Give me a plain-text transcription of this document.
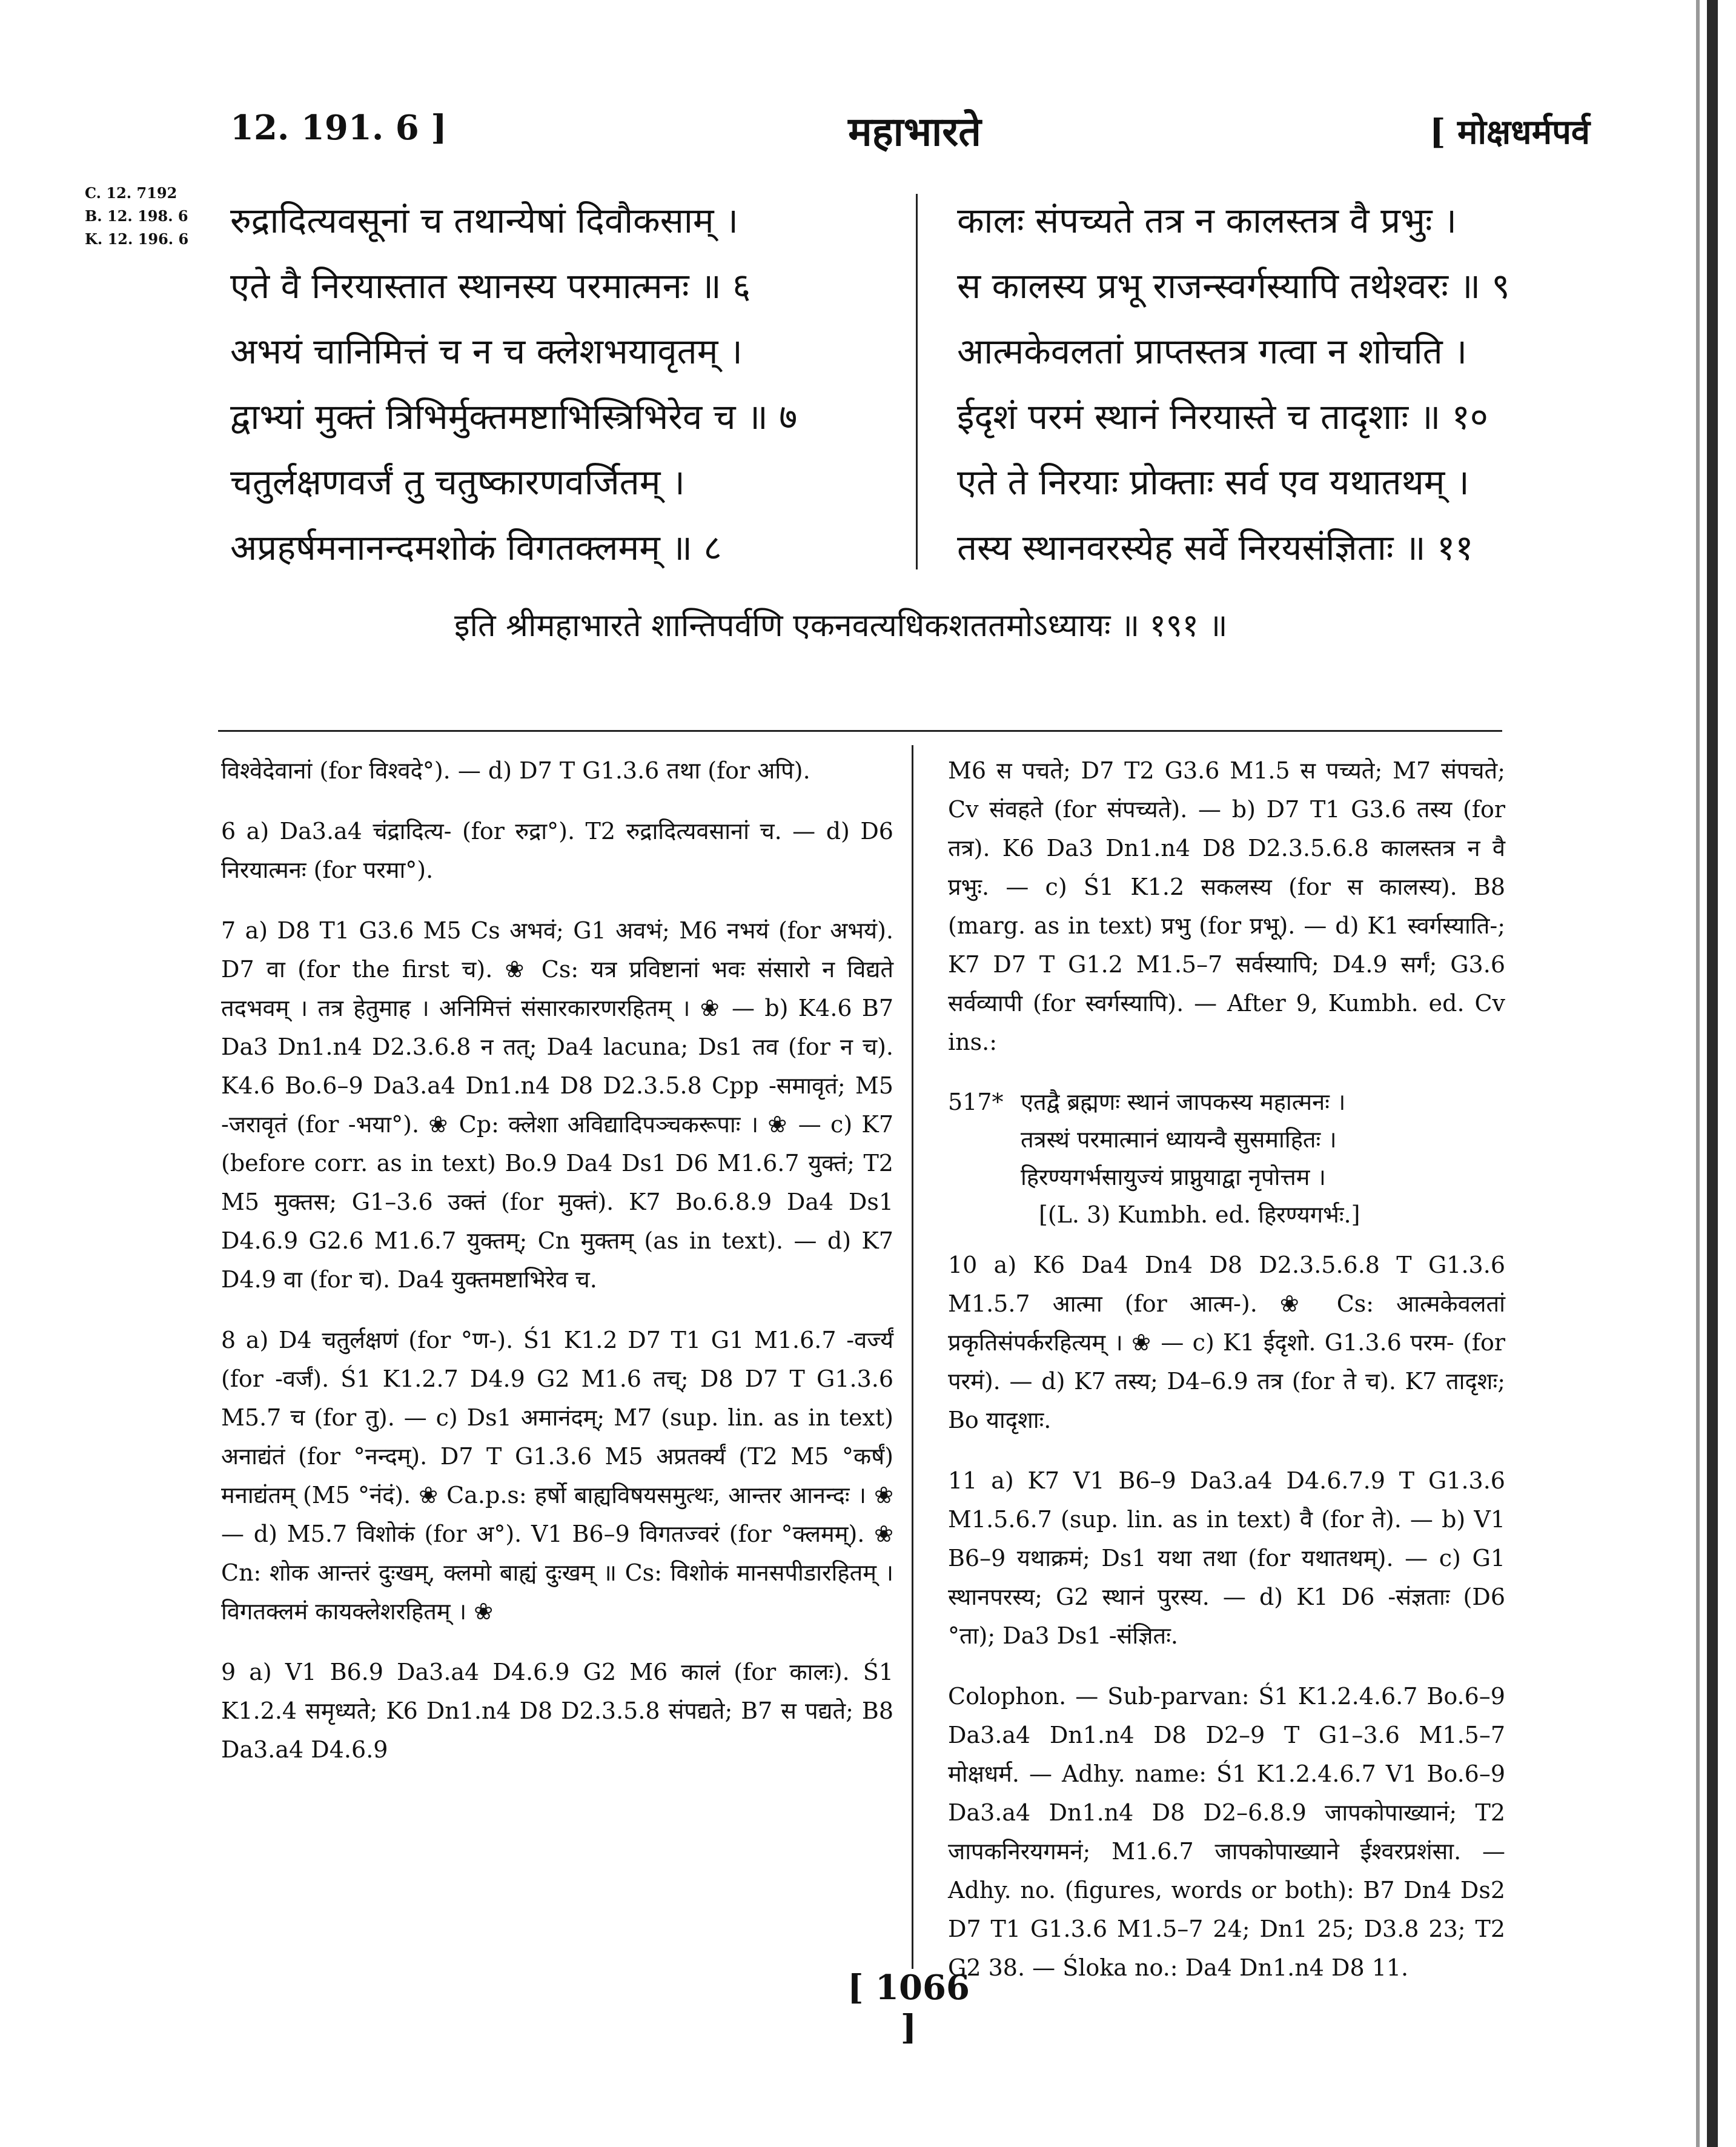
12. 191. 6 ]	महाभारते	[ मोक्षधर्मपर्व
C. 12. 7192
B. 12. 198. 6
K. 12. 196. 6 रुद्रादित्यवसूनां च तथान्येषां दिवौकसाम् ।
एते वै निरयास्तात स्थानस्य परमात्मनः ॥ ६
अभयं चानिमित्तं च न च क्लेशभयावृतम् ।
द्वाभ्यां मुक्तं त्रिभिर्मुक्तमष्टाभिस्त्रिभिरेव च ॥ ७
चतुर्लक्षणवर्जं तु चतुष्कारणवर्जितम् ।
अप्रहर्षमनानन्दमशोकं विगतक्लमम् ॥ ८
कालः संपच्यते तत्र न कालस्तत्र वै प्रभुः ।
स कालस्य प्रभू राजन्स्वर्गस्यापि तथेश्वरः ॥ ९
आत्मकेवलतां प्राप्तस्तत्र गत्वा न शोचति ।
ईदृशं परमं स्थानं निरयास्ते च तादृशाः ॥ १०
एते ते निरयाः प्रोक्ताः सर्व एव यथातथम् ।
तस्य स्थानवरस्येह सर्वे निरयसंज्ञिताः ॥ ११
इति श्रीमहाभारते शान्तिपर्वणि एकनवत्यधिकशततमोऽध्यायः ॥ १९१ ॥

विश्वेदेवानां (for विश्वदे°). — d) D7 T G1.3.6 तथा (for अपि).

6 a) Da3.a4 चंद्रादित्य- (for रुद्रा°). T2 रुद्रादित्यवसानां च. — d) D6 निरयात्मनः (for परमा°).

7 a) D8 T1 G3.6 M5 Cs अभवं; G1 अवभं; M6 नभयं (for अभयं). D7 वा (for the first च). ❀ Cs: यत्र प्रविष्टानां भवः संसारो न विद्यते तदभवम् । तत्र हेतुमाह । अनिमित्तं संसारकारणरहितम् । ❀ — b) K4.6 B7 Da3 Dn1.n4 D2.3.6.8 न तत्; Da4 lacuna; Ds1 तव (for न च). K4.6 Bo.6–9 Da3.a4 Dn1.n4 D8 D2.3.5.8 Cpp -समावृतं; M5 -जरावृतं (for -भया°). ❀ Cp: क्लेशा अविद्यादिपञ्चकरूपाः । ❀ — c) K7 (before corr. as in text) Bo.9 Da4 Ds1 D6 M1.6.7 युक्तं; T2 M5 मुक्तस; G1–3.6 उक्तं (for मुक्तं). K7 Bo.6.8.9 Da4 Ds1 D4.6.9 G2.6 M1.6.7 युक्तम्; Cn मुक्तम् (as in text). — d) K7 D4.9 वा (for च). Da4 युक्तमष्टाभिरेव च.

8 a) D4 चतुर्लक्षणं (for °ण-). Ś1 K1.2 D7 T1 G1 M1.6.7 -वर्ज्यं (for -वर्जं). Ś1 K1.2.7 D4.9 G2 M1.6 तच्; D8 D7 T G1.3.6 M5.7 च (for तु). — c) Ds1 अमानंदम्; M7 (sup. lin. as in text) अनाद्यंतं (for °नन्दम्). D7 T G1.3.6 M5 अप्रतर्क्यं (T2 M5 °कर्षं) मनाद्यंतम् (M5 °नंदं). ❀ Ca.p.s: हर्षो बाह्यविषयसमुत्थः, आन्तर आनन्दः । ❀ — d) M5.7 विशोकं (for अ°). V1 B6–9 विगतज्वरं (for °क्लमम्). ❀ Cn: शोक आन्तरं दुःखम्, क्लमो बाह्यं दुःखम् ॥ Cs: विशोकं मानसपीडारहितम् । विगतक्लमं कायक्लेशरहितम् । ❀

9 a) V1 B6.9 Da3.a4 D4.6.9 G2 M6 कालं (for कालः). Ś1 K1.2.4 समृध्यते; K6 Dn1.n4 D8 D2.3.5.8 संपद्यते; B7 स पद्यते; B8 Da3.a4 D4.6.9

M6 स पचते; D7 T2 G3.6 M1.5 स पच्यते; M7 संपचते; Cv संवहते (for संपच्यते). — b) D7 T1 G3.6 तस्य (for तत्र). K6 Da3 Dn1.n4 D8 D2.3.5.6.8 कालस्तत्र न वै प्रभुः. — c) Ś1 K1.2 सकलस्य (for स कालस्य). B8 (marg. as in text) प्रभु (for प्रभू). — d) K1 स्वर्गस्याति-; K7 D7 T G1.2 M1.5–7 सर्वस्यापि; D4.9 सर्गं; G3.6 सर्वव्यापी (for स्वर्गस्यापि). — After 9, Kumbh. ed. Cv ins.:

517* एतद्वै ब्रह्मणः स्थानं जापकस्य महात्मनः ।
तत्रस्थं परमात्मानं ध्यायन्वै सुसमाहितः ।
हिरण्यगर्भसायुज्यं प्राप्नुयाद्वा नृपोत्तम ।
[(L. 3) Kumbh. ed. हिरण्यगर्भः.]

10 a) K6 Da4 Dn4 D8 D2.3.5.6.8 T G1.3.6 M1.5.7 आत्मा (for आत्म-). ❀ Cs: आत्मकेवलतां प्रकृतिसंपर्करहित्यम् । ❀ — c) K1 ईदृशो. G1.3.6 परम- (for परमं). — d) K7 तस्य; D4–6.9 तत्र (for ते च). K7 तादृशः; Bo यादृशाः.

11 a) K7 V1 B6–9 Da3.a4 D4.6.7.9 T G1.3.6 M1.5.6.7 (sup. lin. as in text) वै (for ते). — b) V1 B6–9 यथाक्रमं; Ds1 यथा तथा (for यथातथम्). — c) G1 स्थानपरस्य; G2 स्थानं पुरस्य. — d) K1 D6 -संज्ञताः (D6 °ता); Da3 Ds1 -संज्ञितः.

Colophon. — Sub-parvan: Ś1 K1.2.4.6.7 Bo.6–9 Da3.a4 Dn1.n4 D8 D2–9 T G1–3.6 M1.5–7 मोक्षधर्म. — Adhy. name: Ś1 K1.2.4.6.7 V1 Bo.6–9 Da3.a4 Dn1.n4 D8 D2–6.8.9 जापकोपाख्यानं; T2 जापकनिरयगमनं; M1.6.7 जापकोपाख्याने ईश्वरप्रशंसा. — Adhy. no. (figures, words or both): B7 Dn4 Ds2 D7 T1 G1.3.6 M1.5–7 24; Dn1 25; D3.8 23; T2 G2 38. — Śloka no.: Da4 Dn1.n4 D8 11.

[ 1066 ]
